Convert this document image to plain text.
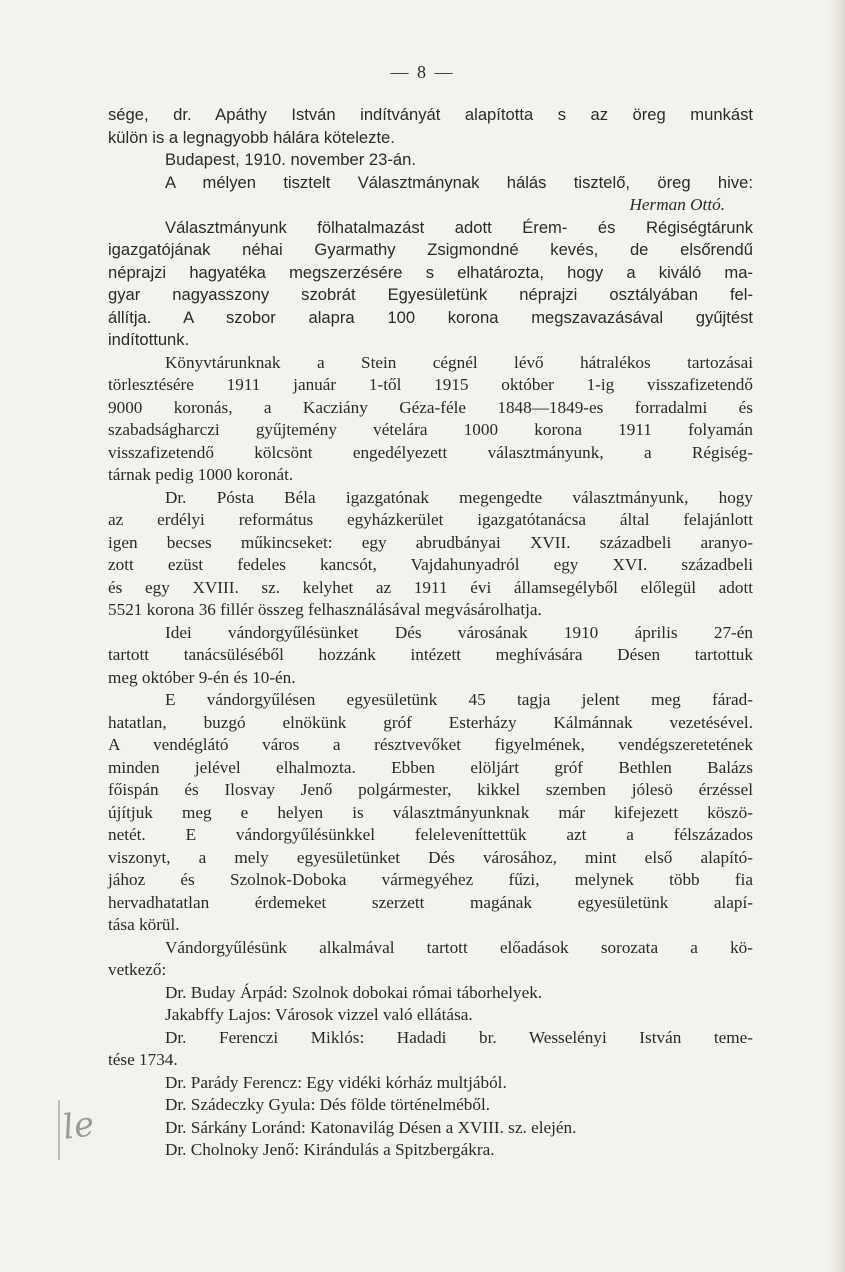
— 8 —
le
sége, dr. Apáthy István indítványát alapította s az öreg munkást
külön is a legnagyobb hálára kötelezte.
Budapest, 1910. november 23-án.
A mélyen tisztelt Választmánynak hálás tisztelő, öreg hive:
Herman Ottó.
Választmányunk fölhatalmazást adott Érem- és Régiségtárunk
igazgatójának néhai Gyarmathy Zsigmondné kevés, de elsőrendű
néprajzi hagyatéka megszerzésére s elhatározta, hogy a kiváló ma-
gyar nagyasszony szobrát Egyesületünk néprajzi osztályában fel-
állítja. A szobor alapra 100 korona megszavazásával gyűjtést
indítottunk.
Könyvtárunknak a Stein cégnél lévő hátralékos tartozásai
törlesztésére 1911 január 1-től 1915 október 1-ig visszafizetendő
9000 koronás, a Kacziány Géza-féle 1848—1849-es forradalmi és
szabadságharczi gyűjtemény vételára 1000 korona 1911 folyamán
visszafizetendő kölcsönt engedélyezett választmányunk, a Régiség-
tárnak pedig 1000 koronát.
Dr. Pósta Béla igazgatónak megengedte választmányunk, hogy
az erdélyi református egyházkerület igazgatótanácsa által felajánlott
igen becses műkincseket: egy abrudbányai XVII. századbeli aranyo-
zott ezüst fedeles kancsót, Vajdahunyadról egy XVI. századbeli
és egy XVIII. sz. kelyhet az 1911 évi államsegélyből előlegül adott
5521 korona 36 fillér összeg felhasználásával megvásárolhatja.
Idei vándorgyűlésünket Dés városának 1910 április 27-én
tartott tanácsüléséből hozzánk intézett meghívására Désen tartottuk
meg október 9-én és 10-én.
E vándorgyűlésen egyesületünk 45 tagja jelent meg fárad-
hatatlan, buzgó elnökünk gróf Esterházy Kálmánnak vezetésével.
A vendéglátó város a résztvevőket figyelmének, vendégszeretetének
minden jelével elhalmozta. Ebben elöljárt gróf Bethlen Balázs
főispán és Ilosvay Jenő polgármester, kikkel szemben jólesö érzéssel
újítjuk meg e helyen is választmányunknak már kifejezett köszö-
netét. E vándorgyűlésünkkel feleleveníttettük azt a félszázados
viszonyt, a mely egyesületünket Dés városához, mint első alapító-
jához és Szolnok-Doboka vármegyéhez fűzi, melynek több fia
hervadhatatlan érdemeket szerzett magának egyesületünk alapí-
tása körül.
Vándorgyűlésünk alkalmával tartott előadások sorozata a kö-
vetkező:
Dr. Buday Árpád: Szolnok dobokai római táborhelyek.
Jakabffy Lajos: Városok vizzel való ellátása.
Dr. Ferenczi Miklós: Hadadi br. Wesselényi István teme-
tése 1734.
Dr. Parády Ferencz: Egy vidéki kórház multjából.
Dr. Szádeczky Gyula: Dés földe történelméből.
Dr. Sárkány Loránd: Katonavilág Désen a XVIII. sz. elején.
Dr. Cholnoky Jenő: Kirándulás a Spitzbergákra.
